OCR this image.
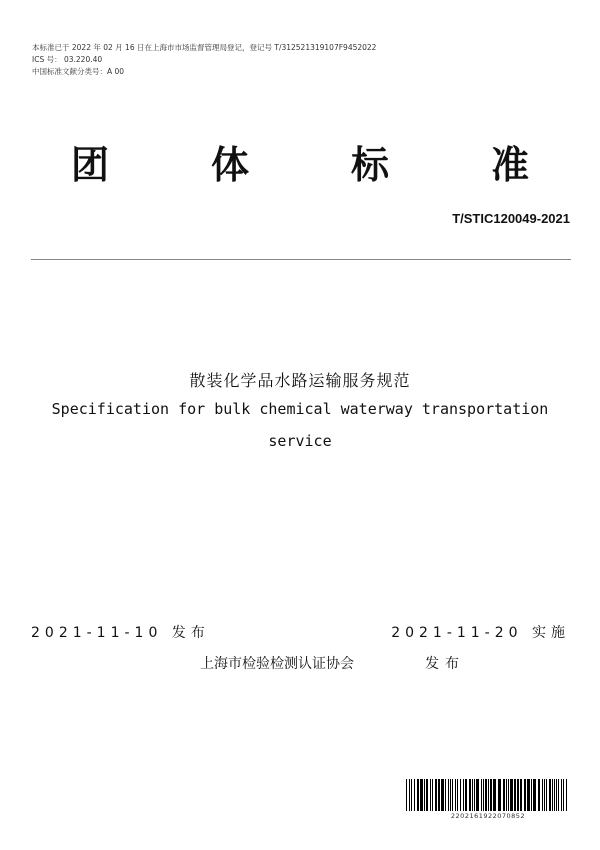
本标准已于 2022 年 02 月 16 日在上海市市场监督管理局登记，登记号 T/312521319107F9452022
ICS 号： 03.220.40
中国标准文献分类号：A 00
团	体	标	准
T/STIC120049-2021
散装化学品水路运输服务规范
Specification for bulk chemical waterway transportation
service
2021-11-10 发布	2021-11-20 实施
上海市检验检测认证协会	发布
2202161922070852
